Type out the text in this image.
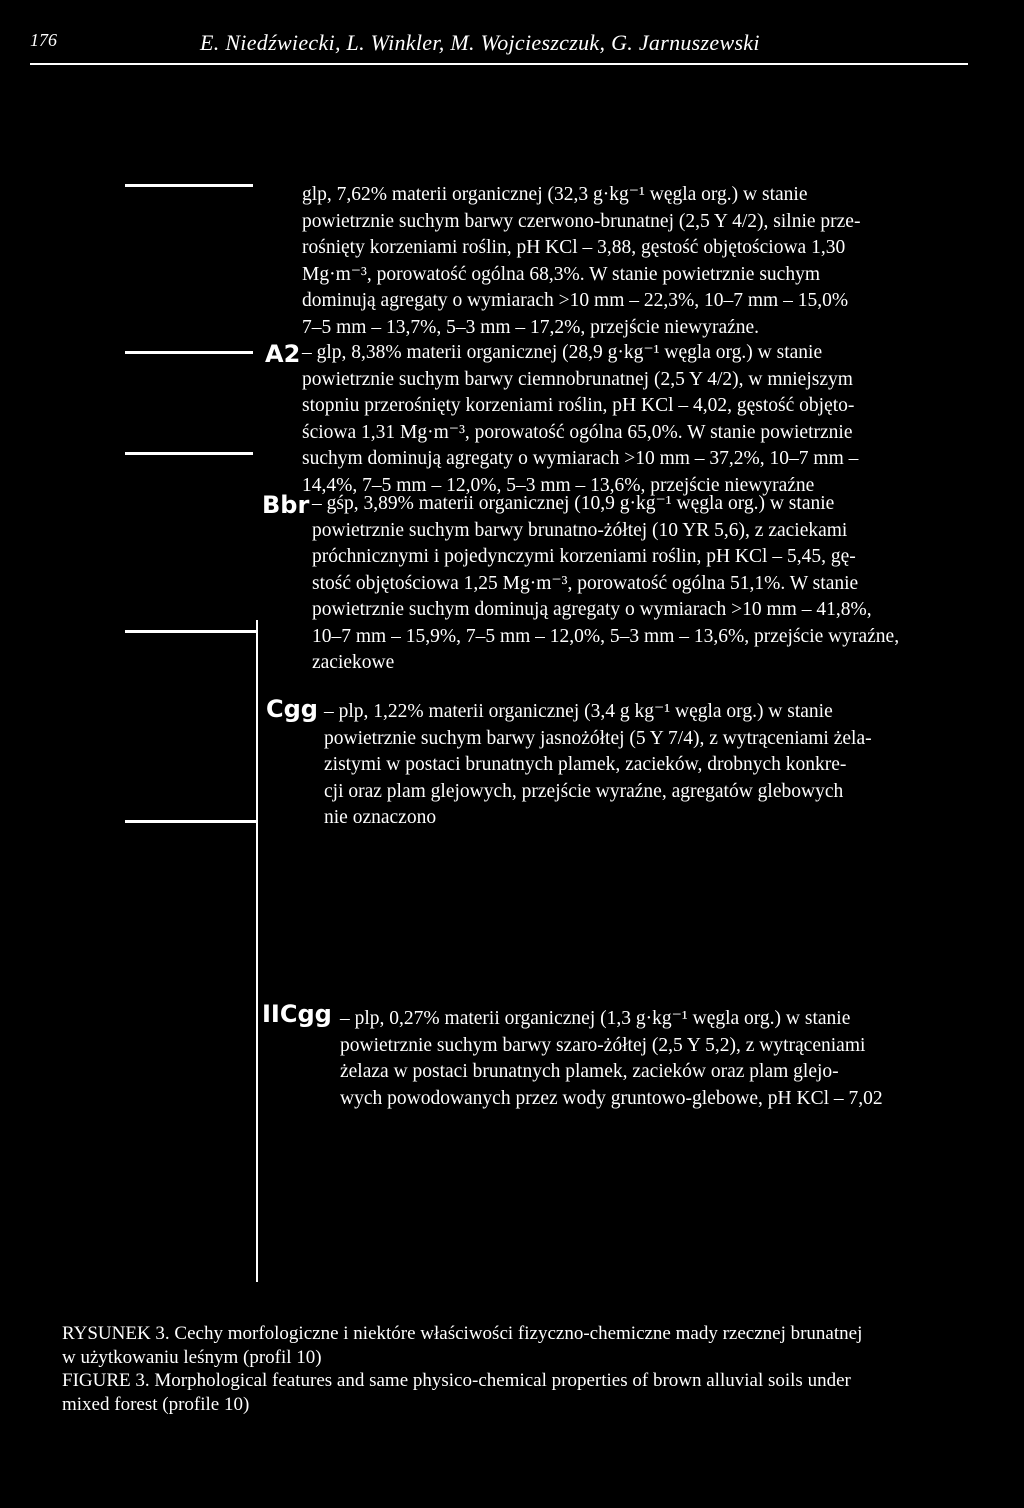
176	E. Niedźwiecki, L. Winkler, M. Wojcieszczuk, G. Jarnuszewski

glp, 7,62% materii organicznej (32,3 g·kg⁻¹ węgla org.) w stanie

powietrznie suchym barwy czerwono-brunatnej (2,5 Y 4/2), silnie prze-

rośnięty korzeniami roślin, pH KCl – 3,88, gęstość objętościowa 1,30

Mg·m⁻³, porowatość ogólna 68,3%. W stanie powietrznie suchym

dominują agregaty o wymiarach >10 mm – 22,3%, 10–7 mm – 15,0%

7–5 mm – 13,7%, 5–3 mm – 17,2%, przejście niewyraźne.

A2 – glp, 8,38% materii organicznej (28,9 g·kg⁻¹ węgla org.) w stanie

powietrznie suchym barwy ciemnobrunatnej (2,5 Y 4/2), w mniejszym

stopniu przerośnięty korzeniami roślin, pH KCl – 4,02, gęstość objęto-

ściowa 1,31 Mg·m⁻³, porowatość ogólna 65,0%. W stanie powietrznie

suchym dominują agregaty o wymiarach >10 mm – 37,2%, 10–7 mm –

14,4%, 7–5 mm – 12,0%, 5–3 mm – 13,6%, przejście niewyraźne

Bbr – gśp, 3,89% materii organicznej (10,9 g·kg⁻¹ węgla org.) w stanie

powietrznie suchym barwy brunatno-żółtej (10 YR 5,6), z zaciekami

próchnicznymi i pojedynczymi korzeniami roślin, pH KCl – 5,45, gę-

stość objętościowa 1,25 Mg·m⁻³, porowatość ogólna 51,1%. W stanie

powietrznie suchym dominują agregaty o wymiarach >10 mm – 41,8%,

10–7 mm – 15,9%, 7–5 mm – 12,0%, 5–3 mm – 13,6%, przejście wyraźne,

zaciekowe

Cgg – plp, 1,22% materii organicznej (3,4 g kg⁻¹ węgla org.) w stanie

powietrznie suchym barwy jasnożółtej (5 Y 7/4), z wytrąceniami żela-

zistymi w postaci brunatnych plamek, zacieków, drobnych konkre-

cji oraz plam glejowych, przejście wyraźne, agregatów glebowych

nie oznaczono

IICgg – plp, 0,27% materii organicznej (1,3 g·kg⁻¹ węgla org.) w stanie

powietrznie suchym barwy szaro-żółtej (2,5 Y 5,2), z wytrąceniami

żelaza w postaci brunatnych plamek, zacieków oraz plam glejo-

wych powodowanych przez wody gruntowo-glebowe, pH KCl – 7,02

RYSUNEK 3. Cechy morfologiczne i niektóre właściwości fizyczno-chemiczne mady rzecznej brunatnej

w użytkowaniu leśnym (profil 10)

FIGURE 3. Morphological features and same physico-chemical properties of brown alluvial soils under

mixed forest (profile 10)
